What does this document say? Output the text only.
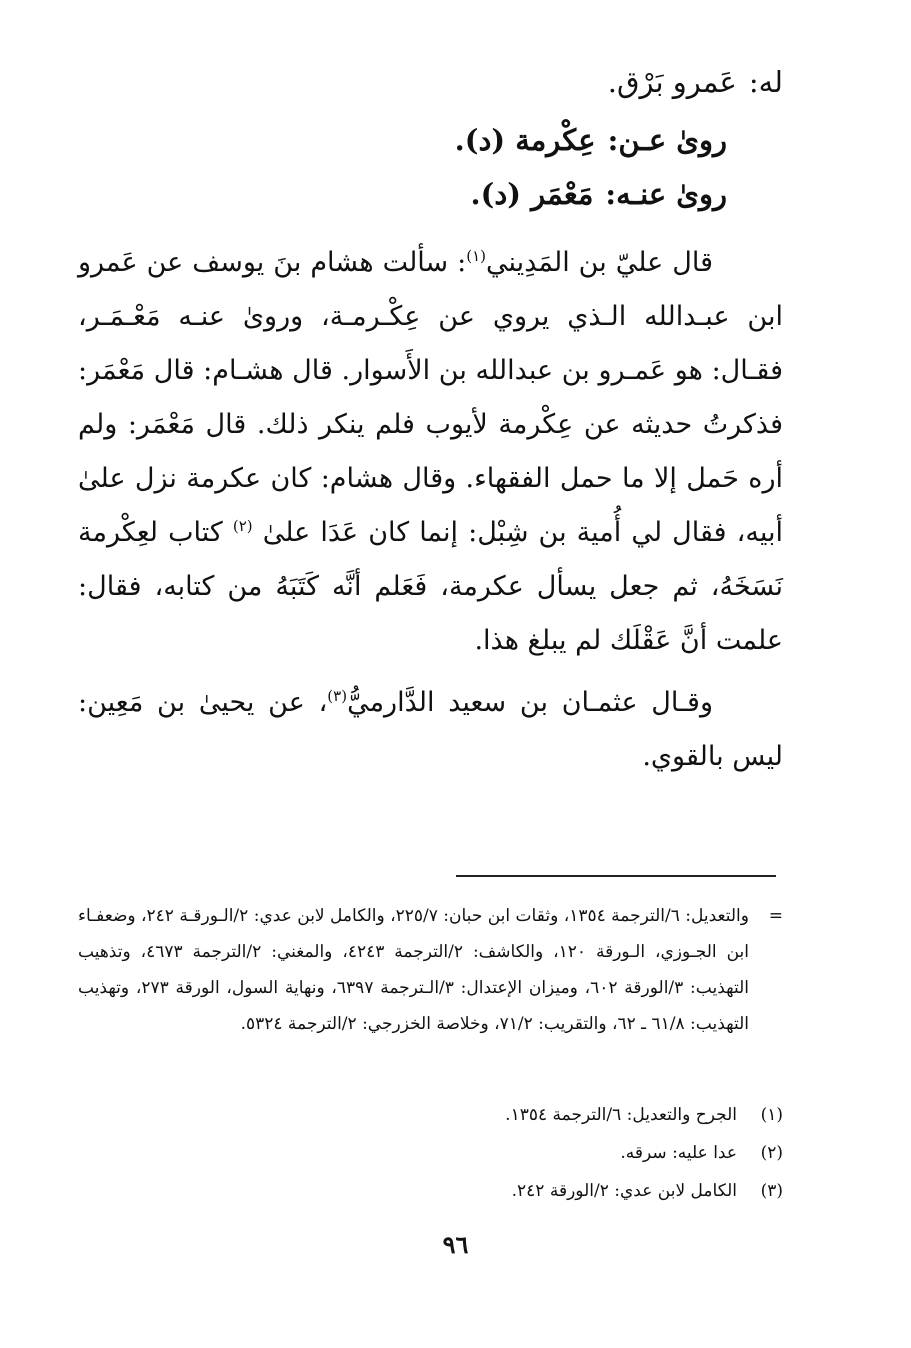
له:عَمرو بَرْق.
روىٰ عـن:عِكْرمة (د).
روىٰ عنـه:مَعْمَر (د).
قال عليّ بن المَدِيني$^{(١)}$: سألت هشام بنَ يوسف عن عَمرو ابن عبـدالله الـذي يروي عن عِكْـرمـة، وروىٰ عنـه مَعْـمَـر، فقـال: هو عَمـرو بن عبدالله بن الأَسوار. قال هشـام: قال مَعْمَر: فذكرتُ حديثه عن عِكْرمة لأيوب فلم ينكر ذلك. قال مَعْمَر: ولم أره حَمل إلا ما حمل الفقهاء. وقال هشام: كان عكرمة نزل علىٰ أبيه، فقال لي أُمية بن شِبْل: إنما كان عَدَا علىٰ $^{(٢)}$ كتاب لعِكْرمة نَسَخَهُ، ثم جعل يسأل عكرمة، فَعَلم أنَّه كَتَبَهُ من كتابه، فقال: علمت أنَّ عَقْلَك لم يبلغ هذا.
وقـال عثمـان بن سعيد الدَّارميُّ$^{(٣)}$، عن يحيىٰ بن مَعِين: ليس بالقوي.
=
والتعديل: ٦/الترجمة ١٣٥٤، وثقات ابن حبان: ٢٢٥/٧، والكامل لابن عدي: ٢/الـورقـة ٢٤٢، وضعفـاء ابن الجـوزي، الـورقة ١٢٠، والكاشف: ٢/الترجمة ٤٢٤٣، والمغني: ٢/الترجمة ٤٦٧٣، وتذهيب التهذيب: ٣/الورقة ٦٠٢، وميزان الإعتدال: ٣/الـترجمة ٦٣٩٧، ونهاية السول، الورقة ٢٧٣، وتهذيب التهذيب: ٦١/٨ ـ ٦٢، والتقريب: ٧١/٢، وخلاصة الخزرجي: ٢/الترجمة ٥٣٢٤.
(١)الجرح والتعديل: ٦/الترجمة ١٣٥٤.
(٢)عدا عليه: سرقه.
(٣)الكامل لابن عدي: ٢/الورقة ٢٤٢.
٩٦
